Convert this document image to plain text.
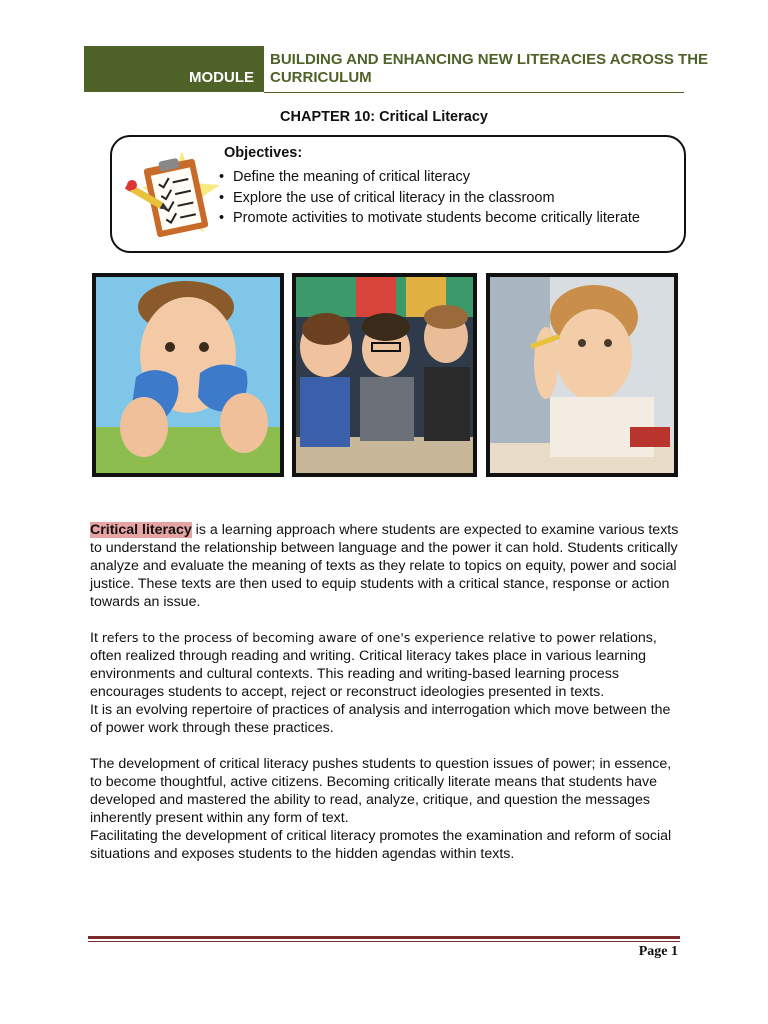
MODULE
BUILDING AND ENHANCING NEW LITERACIES ACROSS THE CURRICULUM
CHAPTER 10: Critical Literacy
Objectives:
• Define the meaning of critical literacy
• Explore the use of critical literacy in the classroom
• Promote activities to motivate students become critically literate

Critical literacy is a learning approach where students are expected to examine various texts to understand the relationship between language and the power it can hold. Students critically analyze and evaluate the meaning of texts as they relate to topics on equity, power and social justice. These texts are then used to equip students with a critical stance, response or action towards an issue.

It refers to the process of becoming aware of one's experience relative to power relations, often realized through reading and writing. Critical literacy takes place in various learning environments and cultural contexts. This reading and writing-based learning process encourages students to accept, reject or reconstruct ideologies presented in texts.

It is an evolving repertoire of practices of analysis and interrogation which move between the of power work through these practices.

The development of critical literacy pushes students to question issues of power; in essence, to become thoughtful, active citizens. Becoming critically literate means that students have developed and mastered the ability to read, analyze, critique, and question the messages inherently present within any form of text.

Facilitating the development of critical literacy promotes the examination and reform of social situations and exposes students to the hidden agendas within texts.

Page 1
